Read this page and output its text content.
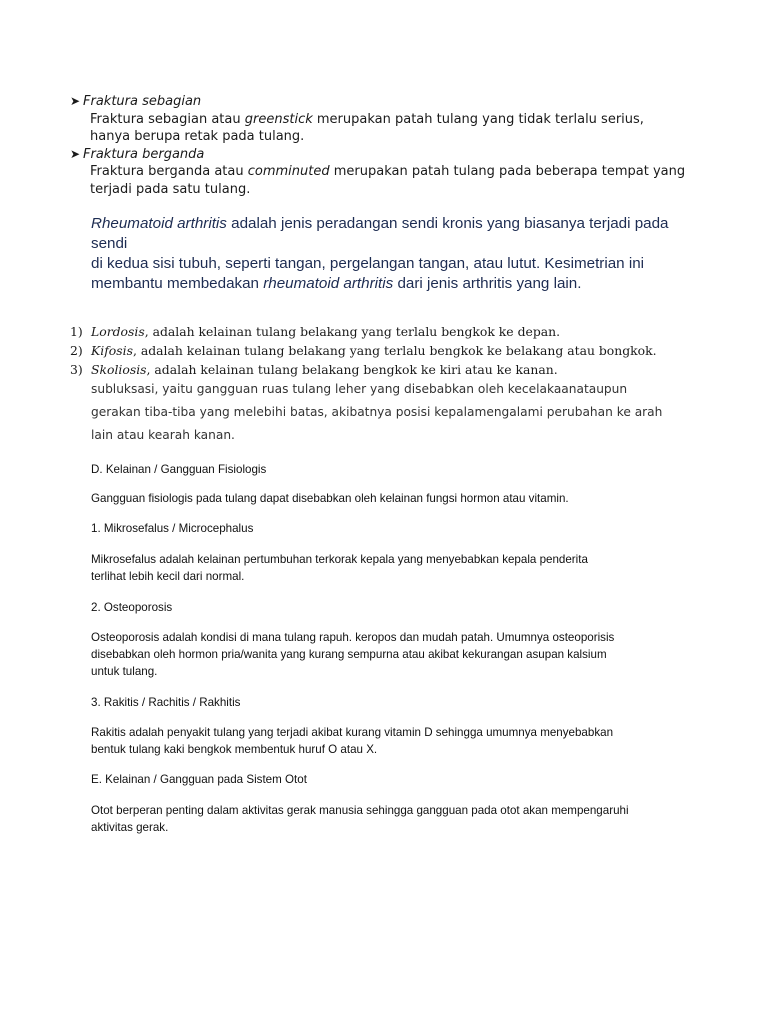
➤ Fraktura sebagian
Fraktura sebagian atau greenstick merupakan patah tulang yang tidak terlalu serius,
hanya berupa retak pada tulang.
➤ Fraktura berganda
Fraktura berganda atau comminuted merupakan patah tulang pada beberapa tempat yang
terjadi pada satu tulang.
Rheumatoid arthritis adalah jenis peradangan sendi kronis yang biasanya terjadi pada sendi
di kedua sisi tubuh, seperti tangan, pergelangan tangan, atau lutut. Kesimetrian ini
membantu membedakan rheumatoid arthritis dari jenis arthritis yang lain.
1) Lordosis, adalah kelainan tulang belakang yang terlalu bengkok ke depan.
2) Kifosis, adalah kelainan tulang belakang yang terlalu bengkok ke belakang atau bongkok.
3) Skoliosis, adalah kelainan tulang belakang bengkok ke kiri atau ke kanan.
subluksasi, yaitu gangguan ruas tulang leher yang disebabkan oleh kecelakaanataupun
gerakan tiba-tiba yang melebihi batas, akibatnya posisi kepalamengalami perubahan ke arah
lain atau kearah kanan.
D. Kelainan / Gangguan Fisiologis
Gangguan fisiologis pada tulang dapat disebabkan oleh kelainan fungsi hormon atau vitamin.
1. Mikrosefalus / Microcephalus
Mikrosefalus adalah kelainan pertumbuhan terkorak kepala yang menyebabkan kepala penderita
terlihat lebih kecil dari normal.
2. Osteoporosis
Osteoporosis adalah kondisi di mana tulang rapuh. keropos dan mudah patah. Umumnya osteoporisis
disebabkan oleh hormon pria/wanita yang kurang sempurna atau akibat kekurangan asupan kalsium
untuk tulang.
3. Rakitis / Rachitis / Rakhitis
Rakitis adalah penyakit tulang yang terjadi akibat kurang vitamin D sehingga umumnya menyebabkan
bentuk tulang kaki bengkok membentuk huruf O atau X.
E. Kelainan / Gangguan pada Sistem Otot
Otot berperan penting dalam aktivitas gerak manusia sehingga gangguan pada otot akan mempengaruhi
aktivitas gerak.
